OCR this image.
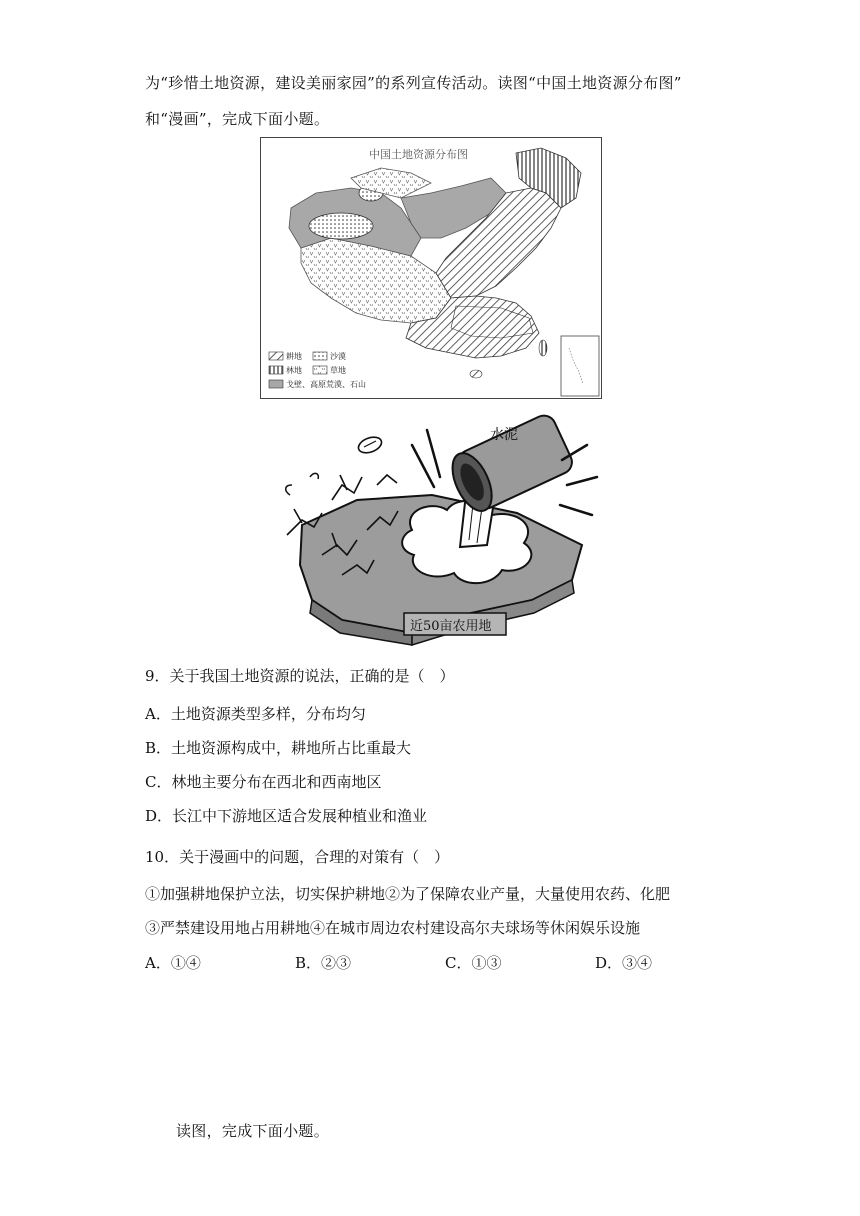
为“珍惜土地资源，建设美丽家园”的系列宣传活动。读图“中国土地资源分布图”
和“漫画”，完成下面小题。
中国土地资源分布图
耕地	沙漠
林地	草地
戈壁、高原荒漠、石山
近50亩农用地
水泥
9．关于我国土地资源的说法，正确的是（　）
A．土地资源类型多样，分布均匀
B．土地资源构成中，耕地所占比重最大
C．林地主要分布在西北和西南地区
D．长江中下游地区适合发展种植业和渔业
10．关于漫画中的问题，合理的对策有（　）
①加强耕地保护立法，切实保护耕地②为了保障农业产量，大量使用农药、化肥
③严禁建设用地占用耕地④在城市周边农村建设高尔夫球场等休闲娱乐设施
A．①④	B．②③	C．①③	D．③④
读图，完成下面小题。
